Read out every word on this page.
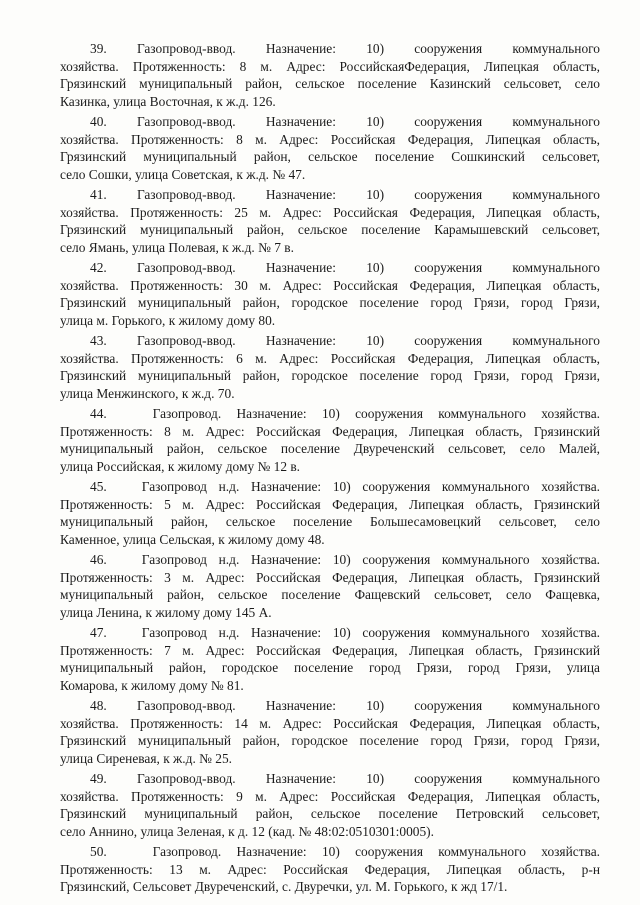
39.   Газопровод-ввод.   Назначение:   10)   сооружения   коммунального
хозяйства. Протяженность: 8 м. Адрес: РоссийскаяФедерация, Липецкая область,
Грязинский муниципальный район, сельское поселение Казинский сельсовет, село
Казинка, улица Восточная, к ж.д. 126.
40.   Газопровод-ввод.   Назначение:   10)   сооружения   коммунального
хозяйства. Протяженность: 8 м. Адрес: Российская Федерация, Липецкая область,
Грязинский муниципальный район, сельское поселение Сошкинский сельсовет,
село Сошки, улица Советская, к ж.д. № 47.
41.   Газопровод-ввод.   Назначение:   10)   сооружения   коммунального
хозяйства. Протяженность: 25 м. Адрес: Российская Федерация, Липецкая область,
Грязинский муниципальный район, сельское поселение Карамышевский сельсовет,
село Ямань, улица Полевая, к ж.д. № 7 в.
42.   Газопровод-ввод.   Назначение:   10)   сооружения   коммунального
хозяйства. Протяженность: 30 м. Адрес: Российская Федерация, Липецкая область,
Грязинский муниципальный район, городское поселение город Грязи, город Грязи,
улица м. Горького, к жилому дому 80.
43.   Газопровод-ввод.   Назначение:   10)   сооружения   коммунального
хозяйства. Протяженность: 6 м. Адрес: Российская Федерация, Липецкая область,
Грязинский муниципальный район, городское поселение город Грязи, город Грязи,
улица Менжинского, к ж.д. 70.
44.   Газопровод. Назначение: 10) сооружения коммунального хозяйства.
Протяженность: 8 м. Адрес: Российская Федерация, Липецкая область, Грязинский
муниципальный район, сельское поселение Двуреченский сельсовет, село Малей,
улица Российская, к жилому дому № 12 в.
45.   Газопровод н.д. Назначение: 10) сооружения коммунального хозяйства.
Протяженность: 5 м. Адрес: Российская Федерация, Липецкая область, Грязинский
муниципальный район, сельское поселение Большесамовецкий сельсовет, село
Каменное, улица Сельская, к жилому дому 48.
46.   Газопровод н.д. Назначение: 10) сооружения коммунального хозяйства.
Протяженность: 3 м. Адрес: Российская Федерация, Липецкая область, Грязинский
муниципальный район, сельское поселение Фащевский сельсовет, село Фащевка,
улица Ленина, к жилому дому 145 А.
47.   Газопровод н.д. Назначение: 10) сооружения коммунального хозяйства.
Протяженность: 7 м. Адрес: Российская Федерация, Липецкая область, Грязинский
муниципальный район, городское поселение город Грязи, город Грязи, улица
Комарова, к жилому дому № 81.
48.   Газопровод-ввод.   Назначение:   10)   сооружения   коммунального
хозяйства. Протяженность: 14 м. Адрес: Российская Федерация, Липецкая область,
Грязинский муниципальный район, городское поселение город Грязи, город Грязи,
улица Сиреневая, к ж.д. № 25.
49.   Газопровод-ввод.   Назначение:   10)   сооружения   коммунального
хозяйства. Протяженность: 9 м. Адрес: Российская Федерация, Липецкая область,
Грязинский муниципальный район, сельское поселение Петровский сельсовет,
село Аннино, улица Зеленая, к д. 12 (кад. № 48:02:0510301:0005).
50.   Газопровод. Назначение: 10) сооружения коммунального хозяйства.
Протяженность: 13 м. Адрес: Российская Федерация, Липецкая область, р-н
Грязинский, Сельсовет Двуреченский, с. Двуречки, ул. М. Горького, к жд 17/1.
